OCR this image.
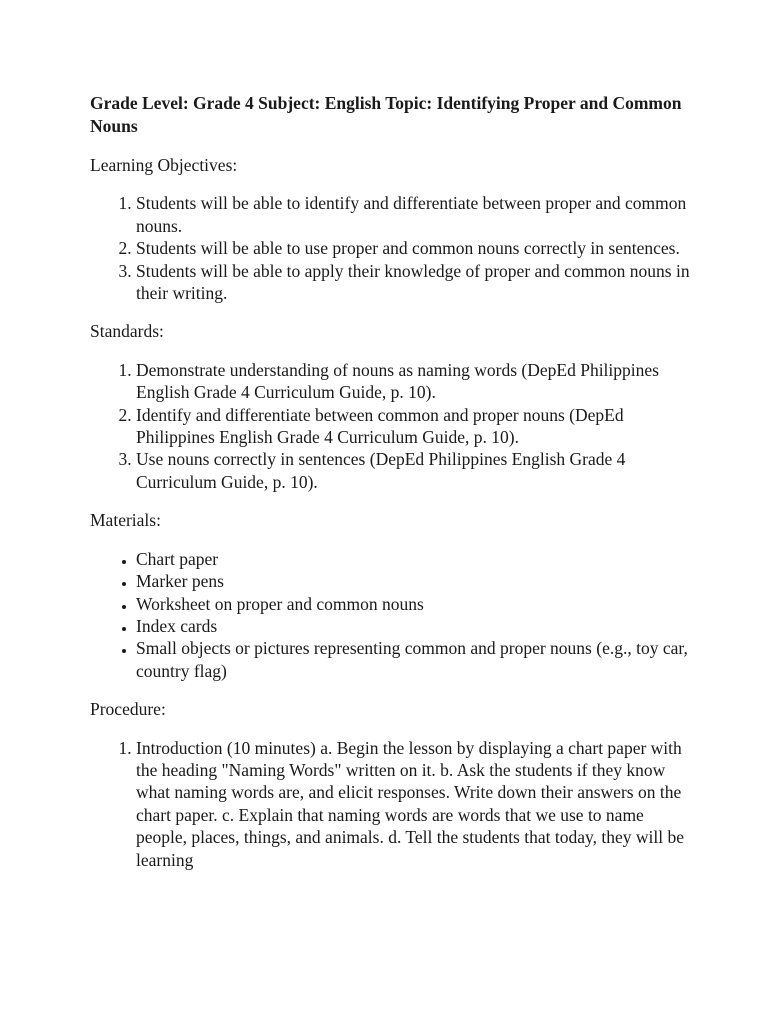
Grade Level: Grade 4 Subject: English Topic: Identifying Proper and Common Nouns

Learning Objectives:

1. Students will be able to identify and differentiate between proper and common nouns.
2. Students will be able to use proper and common nouns correctly in sentences.
3. Students will be able to apply their knowledge of proper and common nouns in their writing.

Standards:

1. Demonstrate understanding of nouns as naming words (DepEd Philippines English Grade 4 Curriculum Guide, p. 10).
2. Identify and differentiate between common and proper nouns (DepEd Philippines English Grade 4 Curriculum Guide, p. 10).
3. Use nouns correctly in sentences (DepEd Philippines English Grade 4 Curriculum Guide, p. 10).

Materials:

• Chart paper
• Marker pens
• Worksheet on proper and common nouns
• Index cards
• Small objects or pictures representing common and proper nouns (e.g., toy car, country flag)

Procedure:

1. Introduction (10 minutes) a. Begin the lesson by displaying a chart paper with the heading "Naming Words" written on it. b. Ask the students if they know what naming words are, and elicit responses. Write down their answers on the chart paper. c. Explain that naming words are words that we use to name people, places, things, and animals. d. Tell the students that today, they will be learning
